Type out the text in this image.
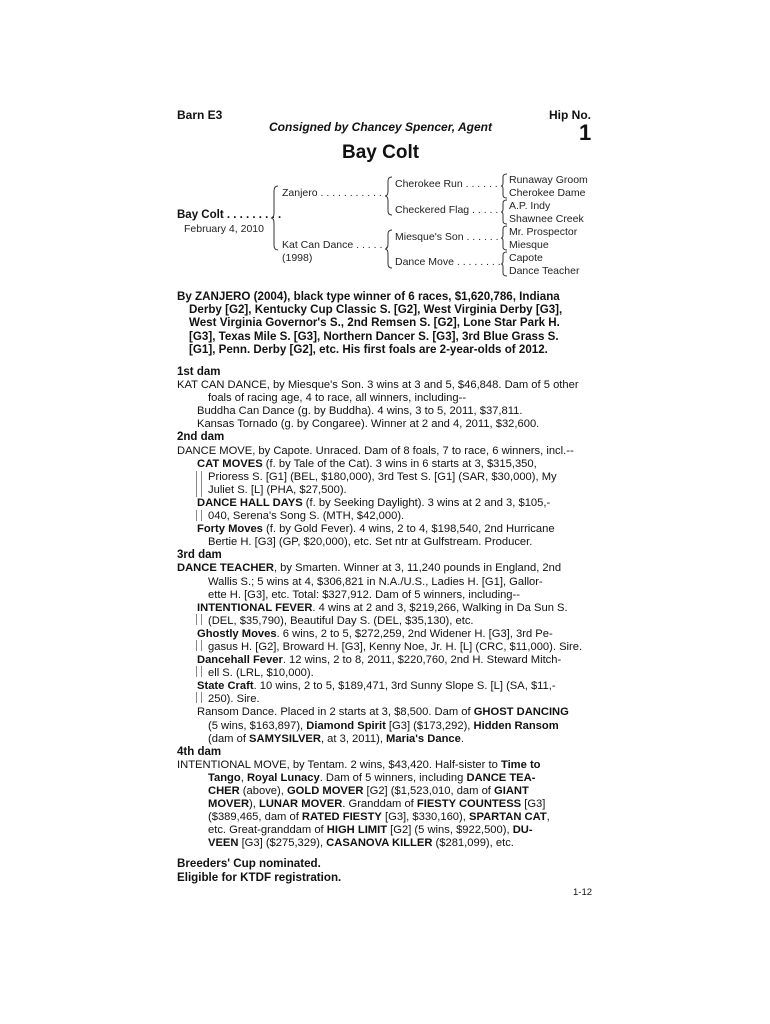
Barn E3	Hip No.
Consigned by Chancey Spencer, Agent	1
Bay Colt
Bay Colt . . . . . . . . .
February 4, 2010
Zanjero . . . . . . . . . . . .
Kat Can Dance . . . . . .
(1998)
Cherokee Run . . . . . .
Checkered Flag . . . . .
Miesque's Son . . . . . .
Dance Move . . . . . . . .
Runaway Groom
Cherokee Dame
A.P. Indy
Shawnee Creek
Mr. Prospector
Miesque
Capote
Dance Teacher
By ZANJERO (2004), black type winner of 6 races, $1,620,786, Indiana
Derby [G2], Kentucky Cup Classic S. [G2], West Virginia Derby [G3],
West Virginia Governor's S., 2nd Remsen S. [G2], Lone Star Park H.
[G3], Texas Mile S. [G3], Northern Dancer S. [G3], 3rd Blue Grass S.
[G1], Penn. Derby [G2], etc. His first foals are 2-year-olds of 2012.
1st dam
KAT CAN DANCE, by Miesque's Son. 3 wins at 3 and 5, $46,848. Dam of 5 other
foals of racing age, 4 to race, all winners, including--
Buddha Can Dance (g. by Buddha). 4 wins, 3 to 5, 2011, $37,811.
Kansas Tornado (g. by Congaree). Winner at 2 and 4, 2011, $32,600.
2nd dam
DANCE MOVE, by Capote. Unraced. Dam of 8 foals, 7 to race, 6 winners, incl.--
CAT MOVES (f. by Tale of the Cat). 3 wins in 6 starts at 3, $315,350,
Prioress S. [G1] (BEL, $180,000), 3rd Test S. [G1] (SAR, $30,000), My
Juliet S. [L] (PHA, $27,500).
DANCE HALL DAYS (f. by Seeking Daylight). 3 wins at 2 and 3, $105,-
040, Serena's Song S. (MTH, $42,000).
Forty Moves (f. by Gold Fever). 4 wins, 2 to 4, $198,540, 2nd Hurricane
Bertie H. [G3] (GP, $20,000), etc. Set ntr at Gulfstream. Producer.
3rd dam
DANCE TEACHER, by Smarten. Winner at 3, 11,240 pounds in England, 2nd
Wallis S.; 5 wins at 4, $306,821 in N.A./U.S., Ladies H. [G1], Gallor-
ette H. [G3], etc. Total: $327,912. Dam of 5 winners, including--
INTENTIONAL FEVER. 4 wins at 2 and 3, $219,266, Walking in Da Sun S.
(DEL, $35,790), Beautiful Day S. (DEL, $35,130), etc.
Ghostly Moves. 6 wins, 2 to 5, $272,259, 2nd Widener H. [G3], 3rd Pe-
gasus H. [G2], Broward H. [G3], Kenny Noe, Jr. H. [L] (CRC, $11,000). Sire.
Dancehall Fever. 12 wins, 2 to 8, 2011, $220,760, 2nd H. Steward Mitch-
ell S. (LRL, $10,000).
State Craft. 10 wins, 2 to 5, $189,471, 3rd Sunny Slope S. [L] (SA, $11,-
250). Sire.
Ransom Dance. Placed in 2 starts at 3, $8,500. Dam of GHOST DANCING
(5 wins, $163,897), Diamond Spirit [G3] ($173,292), Hidden Ransom
(dam of SAMYSILVER, at 3, 2011), Maria's Dance.
4th dam
INTENTIONAL MOVE, by Tentam. 2 wins, $43,420. Half-sister to Time to
Tango, Royal Lunacy. Dam of 5 winners, including DANCE TEA-
CHER (above), GOLD MOVER [G2] ($1,523,010, dam of GIANT
MOVER), LUNAR MOVER. Granddam of FIESTY COUNTESS [G3]
($389,465, dam of RATED FIESTY [G3], $330,160), SPARTAN CAT,
etc. Great-granddam of HIGH LIMIT [G2] (5 wins, $922,500), DU-
VEEN [G3] ($275,329), CASANOVA KILLER ($281,099), etc.
Breeders' Cup nominated.
Eligible for KTDF registration.
1-12
